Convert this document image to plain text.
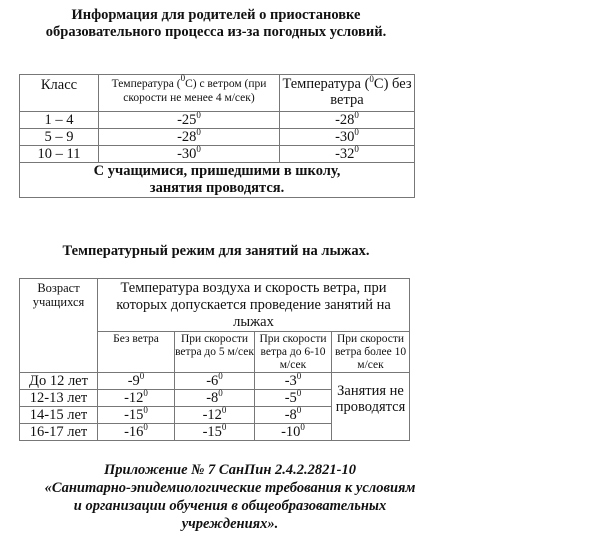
Информация для родителей о приостановке
образовательного процесса из-за погодных условий.
Класс	Температура ($^0$С) с ветром (при скорости не менее 4 м/сек)	Температура ($^0$С) без ветра
1 – 4	$-25^0$	$-28^0$
5 – 9	$-28^0$	$-30^0$
10 – 11	$-30^0$	$-32^0$

С учащимися, пришедшими в школу,
занятия проводятся.		
Температурный режим для занятий на лыжах.
Возраст учащихся	Температура воздуха и скорость ветра, при которых допускается проведение занятий на лыжах			
	Без ветра	При скорости ветра до 5 м/сек	При скорости ветра до 6-10 м/сек	При скорости ветра более 10 м/сек
До 12 лет	$-9^0$	$-6^0$	$-3^0$	Занятия не проводятся
12-13 лет	$-12^0$	$-8^0$	$-5^0$
14-15 лет	$-15^0$	$-12^0$	$-8^0$
16-17 лет	$-16^0$	$-15^0$	$-10^0$
Приложение № 7 СанПин 2.4.2.2821-10
«Санитарно-эпидемиологические требования к условиям
и организации обучения в общеобразовательных
учреждениях».
